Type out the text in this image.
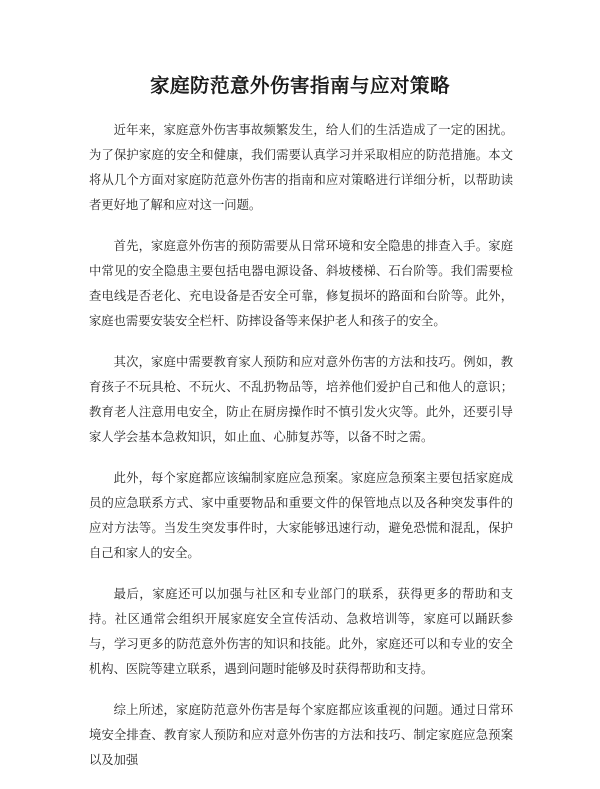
家庭防范意外伤害指南与应对策略

近年来，家庭意外伤害事故频繁发生，给人们的生活造成了一定的困扰。为了保护家庭的安全和健康，我们需要认真学习并采取相应的防范措施。本文将从几个方面对家庭防范意外伤害的指南和应对策略进行详细分析，以帮助读者更好地了解和应对这一问题。

首先，家庭意外伤害的预防需要从日常环境和安全隐患的排查入手。家庭中常见的安全隐患主要包括电器电源设备、斜坡楼梯、石台阶等。我们需要检查电线是否老化、充电设备是否安全可靠，修复损坏的路面和台阶等。此外，家庭也需要安装安全栏杆、防摔设备等来保护老人和孩子的安全。

其次，家庭中需要教育家人预防和应对意外伤害的方法和技巧。例如，教育孩子不玩具枪、不玩火、不乱扔物品等，培养他们爱护自己和他人的意识；教育老人注意用电安全，防止在厨房操作时不慎引发火灾等。此外，还要引导家人学会基本急救知识，如止血、心肺复苏等，以备不时之需。

此外，每个家庭都应该编制家庭应急预案。家庭应急预案主要包括家庭成员的应急联系方式、家中重要物品和重要文件的保管地点以及各种突发事件的应对方法等。当发生突发事件时，大家能够迅速行动，避免恐慌和混乱，保护自己和家人的安全。

最后，家庭还可以加强与社区和专业部门的联系，获得更多的帮助和支持。社区通常会组织开展家庭安全宣传活动、急救培训等，家庭可以踊跃参与，学习更多的防范意外伤害的知识和技能。此外，家庭还可以和专业的安全机构、医院等建立联系，遇到问题时能够及时获得帮助和支持。

综上所述，家庭防范意外伤害是每个家庭都应该重视的问题。通过日常环境安全排查、教育家人预防和应对意外伤害的方法和技巧、制定家庭应急预案以及加强
